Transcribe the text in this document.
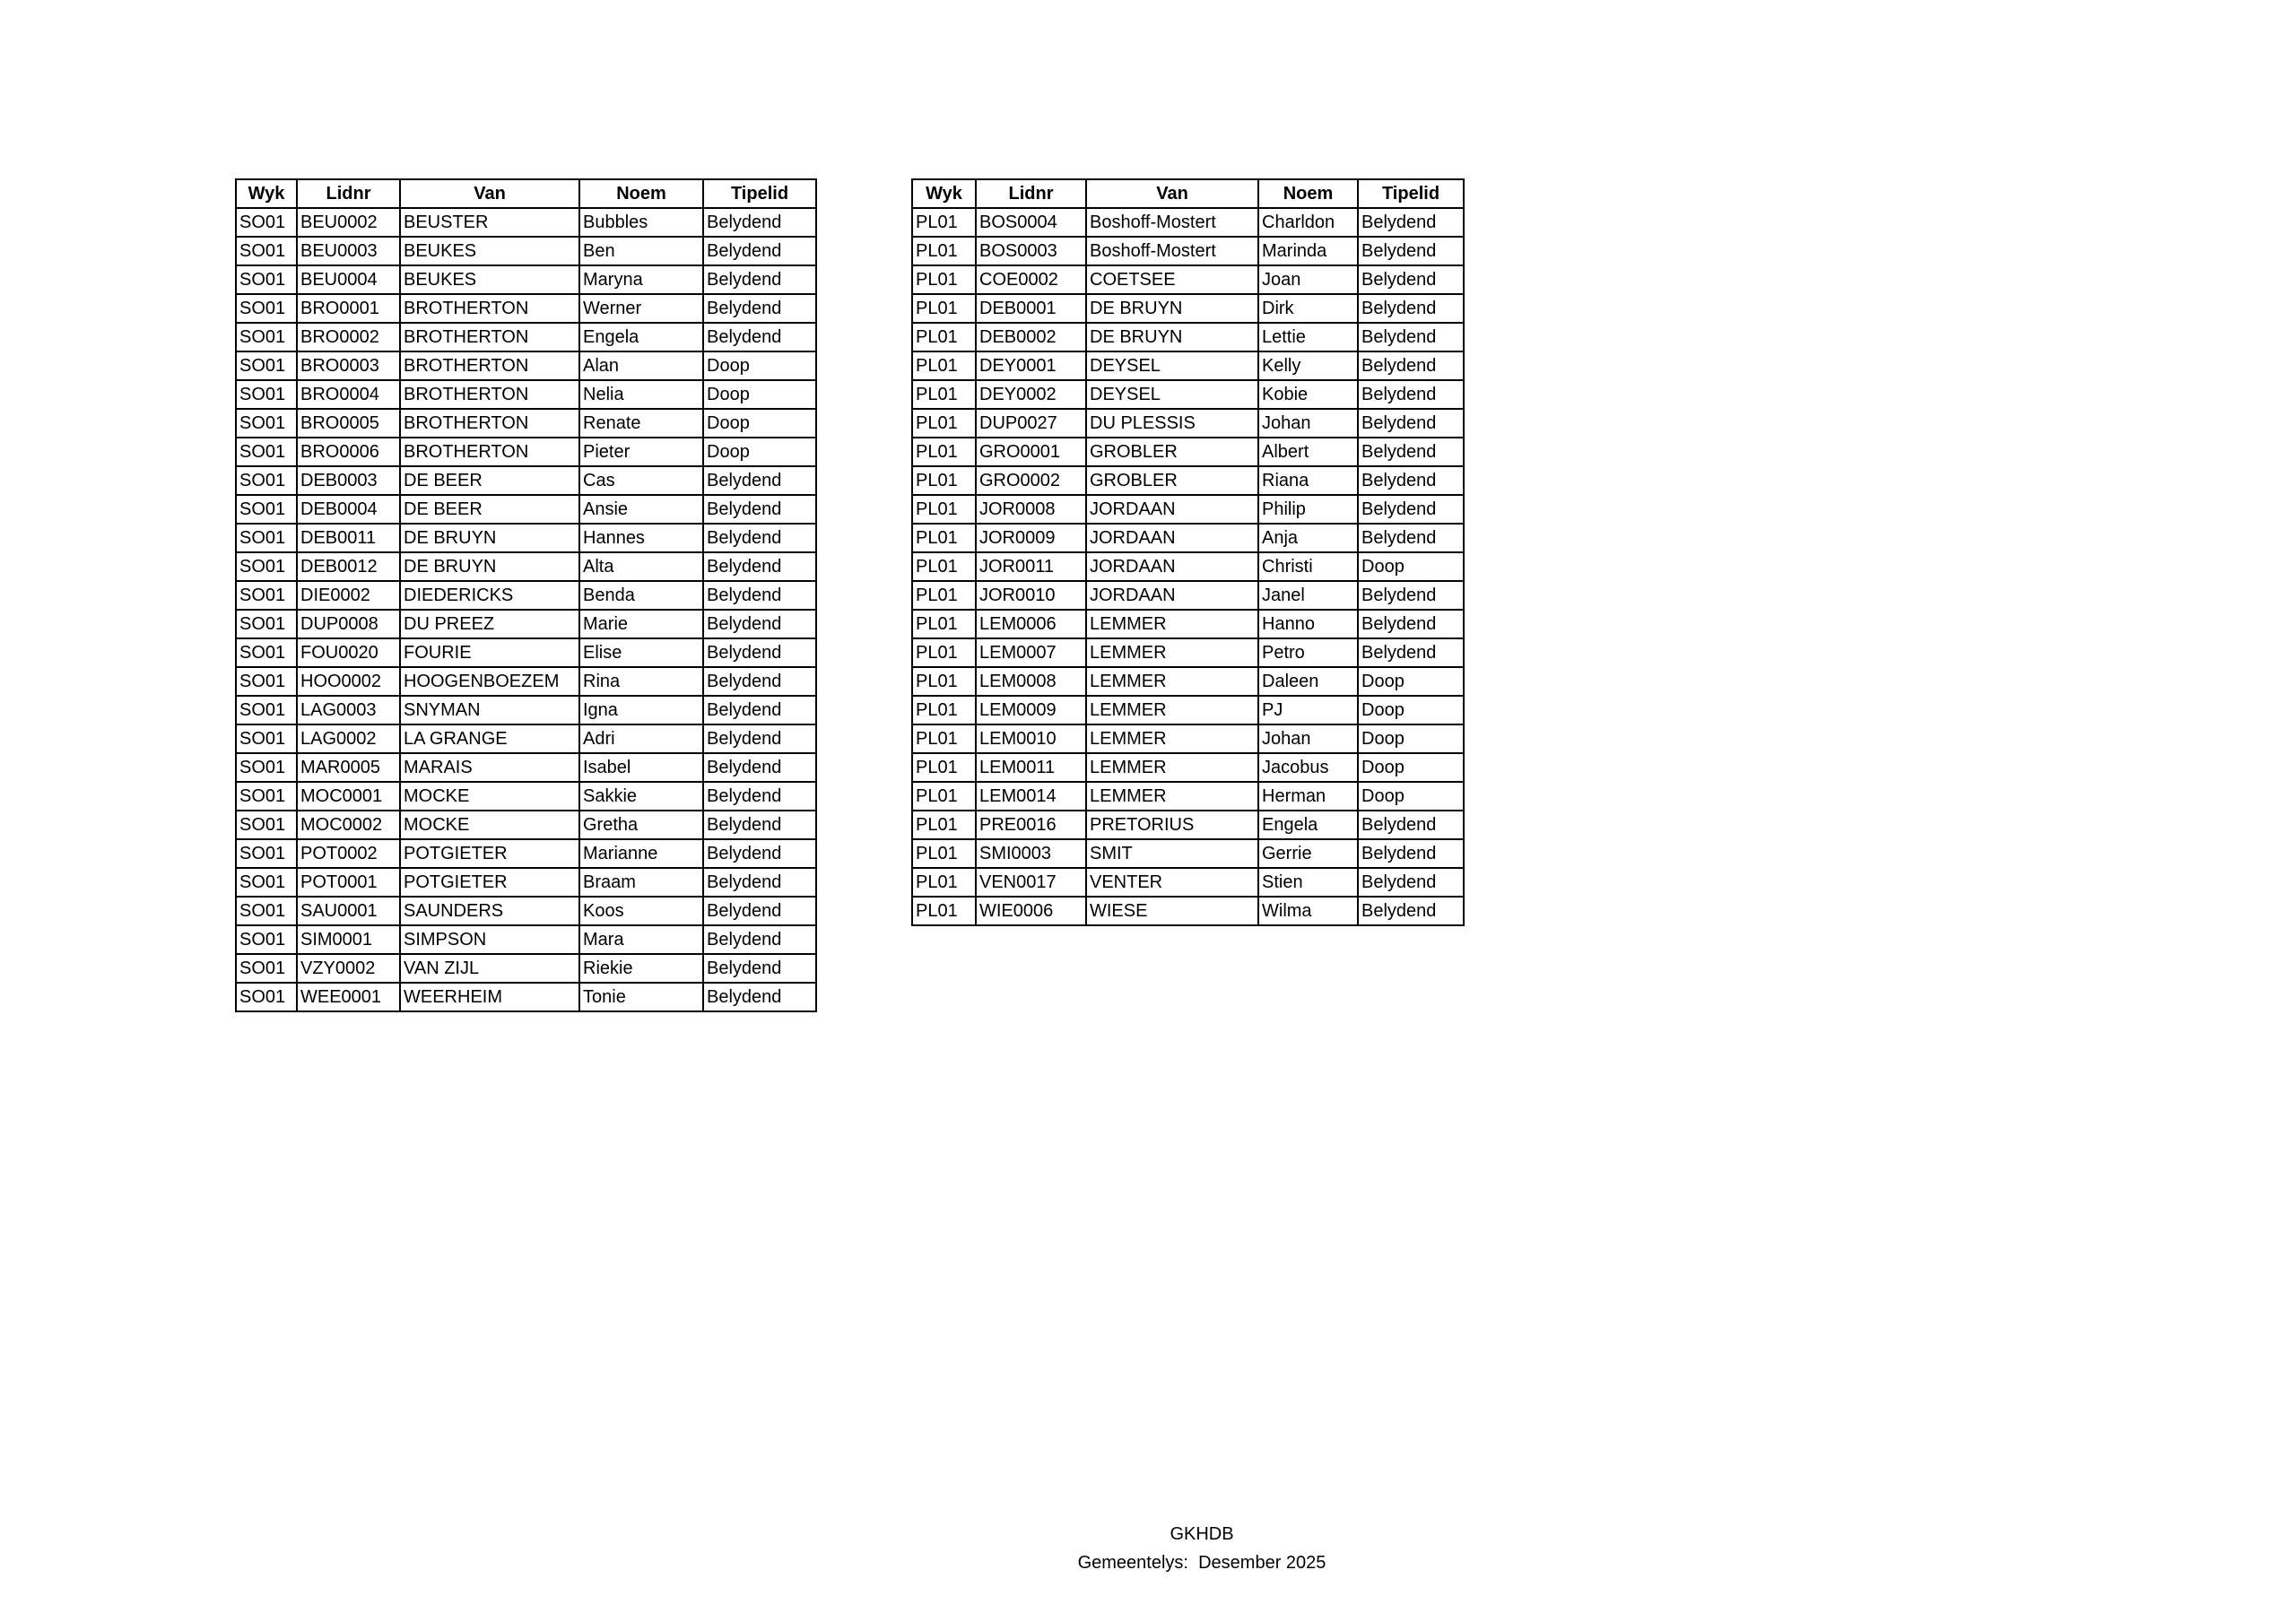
Wyk	Lidnr	Van	Noem	Tipelid
SO01	BEU0002	BEUSTER	Bubbles	Belydend
SO01	BEU0003	BEUKES	Ben	Belydend
SO01	BEU0004	BEUKES	Maryna	Belydend
SO01	BRO0001	BROTHERTON	Werner	Belydend
SO01	BRO0002	BROTHERTON	Engela	Belydend
SO01	BRO0003	BROTHERTON	Alan	Doop
SO01	BRO0004	BROTHERTON	Nelia	Doop
SO01	BRO0005	BROTHERTON	Renate	Doop
SO01	BRO0006	BROTHERTON	Pieter	Doop
SO01	DEB0003	DE BEER	Cas	Belydend
SO01	DEB0004	DE BEER	Ansie	Belydend
SO01	DEB0011	DE BRUYN	Hannes	Belydend
SO01	DEB0012	DE BRUYN	Alta	Belydend
SO01	DIE0002	DIEDERICKS	Benda	Belydend
SO01	DUP0008	DU PREEZ	Marie	Belydend
SO01	FOU0020	FOURIE	Elise	Belydend
SO01	HOO0002	HOOGENBOEZEM	Rina	Belydend
SO01	LAG0003	SNYMAN	Igna	Belydend
SO01	LAG0002	LA GRANGE	Adri	Belydend
SO01	MAR0005	MARAIS	Isabel	Belydend
SO01	MOC0001	MOCKE	Sakkie	Belydend
SO01	MOC0002	MOCKE	Gretha	Belydend
SO01	POT0002	POTGIETER	Marianne	Belydend
SO01	POT0001	POTGIETER	Braam	Belydend
SO01	SAU0001	SAUNDERS	Koos	Belydend
SO01	SIM0001	SIMPSON	Mara	Belydend
SO01	VZY0002	VAN ZIJL	Riekie	Belydend
SO01	WEE0001	WEERHEIM	Tonie	Belydend
Wyk	Lidnr	Van	Noem	Tipelid
PL01	BOS0004	Boshoff-Mostert	Charldon	Belydend
PL01	BOS0003	Boshoff-Mostert	Marinda	Belydend
PL01	COE0002	COETSEE	Joan	Belydend
PL01	DEB0001	DE BRUYN	Dirk	Belydend
PL01	DEB0002	DE BRUYN	Lettie	Belydend
PL01	DEY0001	DEYSEL	Kelly	Belydend
PL01	DEY0002	DEYSEL	Kobie	Belydend
PL01	DUP0027	DU PLESSIS	Johan	Belydend
PL01	GRO0001	GROBLER	Albert	Belydend
PL01	GRO0002	GROBLER	Riana	Belydend
PL01	JOR0008	JORDAAN	Philip	Belydend
PL01	JOR0009	JORDAAN	Anja	Belydend
PL01	JOR0011	JORDAAN	Christi	Doop
PL01	JOR0010	JORDAAN	Janel	Belydend
PL01	LEM0006	LEMMER	Hanno	Belydend
PL01	LEM0007	LEMMER	Petro	Belydend
PL01	LEM0008	LEMMER	Daleen	Doop
PL01	LEM0009	LEMMER	PJ	Doop
PL01	LEM0010	LEMMER	Johan	Doop
PL01	LEM0011	LEMMER	Jacobus	Doop
PL01	LEM0014	LEMMER	Herman	Doop
PL01	PRE0016	PRETORIUS	Engela	Belydend
PL01	SMI0003	SMIT	Gerrie	Belydend
PL01	VEN0017	VENTER	Stien	Belydend
PL01	WIE0006	WIESE	Wilma	Belydend
GKHDB
Gemeentelys:  Desember 2025
